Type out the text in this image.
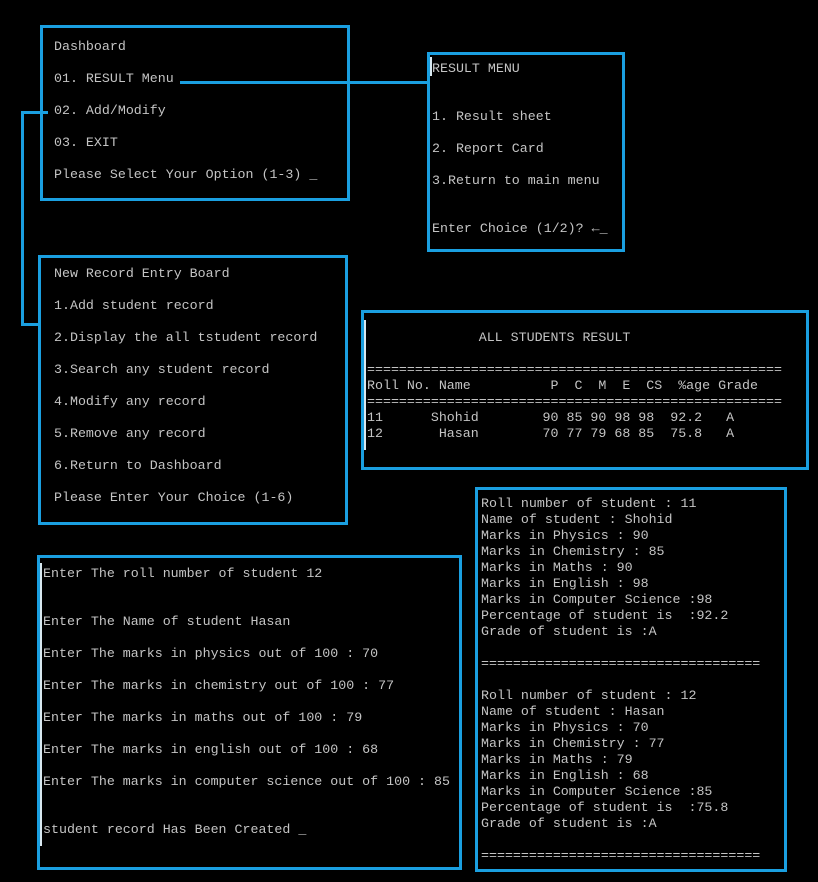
Dashboard
01. RESULT Menu
02. Add/Modify
03. EXIT
Please Select Your Option (1-3) _
RESULT MENU
1. Result sheet
2. Report Card
3.Return to main menu
Enter Choice (1/2)? ←_
New Record Entry Board
1.Add student record
2.Display the all tstudent record
3.Search any student record
4.Modify any record
5.Remove any record
6.Return to Dashboard
Please Enter Your Choice (1-6)
ALL STUDENTS RESULT
====================================================
Roll No. Name          P  C  M  E  CS  %age Grade
====================================================
11      Shohid        90 85 90 98 98  92.2   A
12       Hasan        70 77 79 68 85  75.8   A
Roll number of student : 11
Name of student : Shohid
Marks in Physics : 90
Marks in Chemistry : 85
Marks in Maths : 90
Marks in English : 98
Marks in Computer Science :98
Percentage of student is  :92.2
Grade of student is :A
===================================
Roll number of student : 12
Name of student : Hasan
Marks in Physics : 70
Marks in Chemistry : 77
Marks in Maths : 79
Marks in English : 68
Marks in Computer Science :85
Percentage of student is  :75.8
Grade of student is :A
===================================
Enter The roll number of student 12
Enter The Name of student Hasan
Enter The marks in physics out of 100 : 70
Enter The marks in chemistry out of 100 : 77
Enter The marks in maths out of 100 : 79
Enter The marks in english out of 100 : 68
Enter The marks in computer science out of 100 : 85
student record Has Been Created _
